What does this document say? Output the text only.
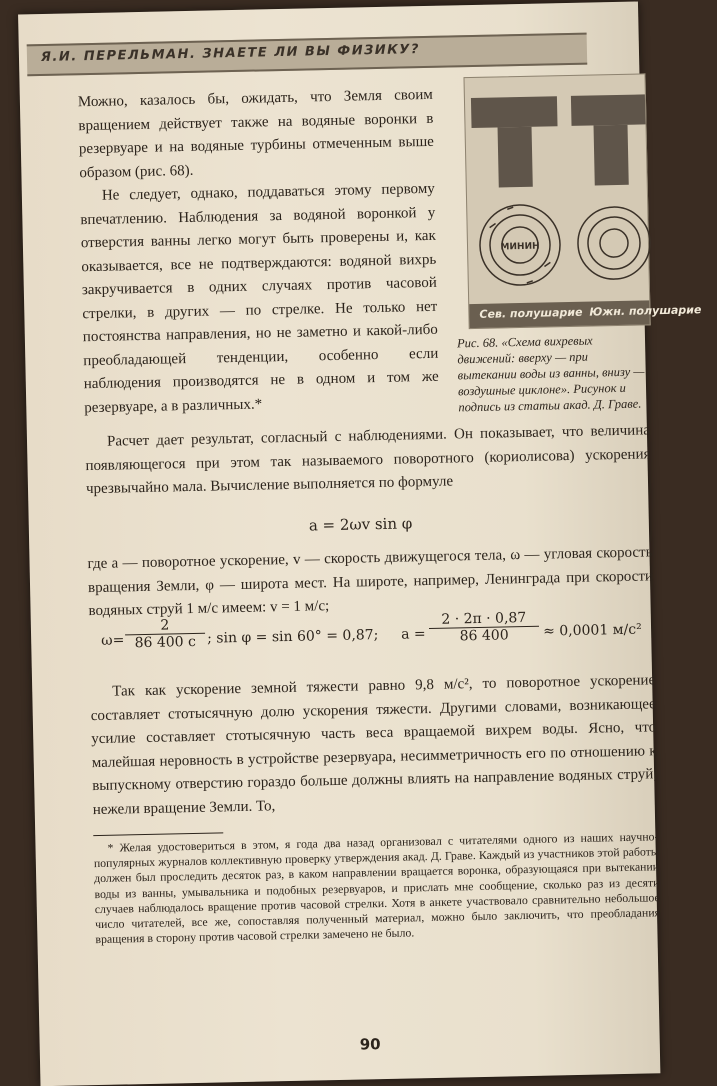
Я.И. ПЕРЕЛЬМАН. ЗНАЕТЕ ЛИ ВЫ ФИЗИКУ?

Можно, казалось бы, ожидать, что Земля своим вращением действует также на водяные воронки в резервуаре и на водяные турбины отмеченным выше образом (рис. 68).

Не следует, однако, поддаваться этому первому впечатлению. Наблюдения за водяной воронкой у отверстия ванны легко могут быть проверены и, как оказывается, все не подтверждаются: водяной вихрь закручивается в одних случаях против часовой стрелки, в других — по стрелке. Не только нет постоянства направления, но не заметно и какой-либо преобладающей тенденции, особенно если наблюдения производятся не в одном и том же резервуаре, а в различных.*

МИНИН
Сев. полушарие Южн. полушарие
Рис. 68. «Схема вихревых движений: вверху — при вытекании воды из ванны, внизу — воздушные циклоне». Рисунок и подпись из статьи акад. Д. Граве.

Расчет дает результат, согласный с наблюдениями. Он показывает, что величина появляющегося при этом так называемого поворотного (кориолисова) ускорения чрезвычайно мала. Вычисление выполняется по формуле

a = 2ωv sin φ

где a — поворотное ускорение, v — скорость движущегося тела, ω — угловая скорость вращения Земли, φ — широта мест. На широте, например, Ленинграда при скорости водяных струй 1 м/с имеем: v = 1 м/с;

$\omega= \frac{2}{86 400 c}$ ; sin φ = sin 60° = 0,87; $a = \frac{2 \cdot 2\pi \cdot 0,87}{86 400} \approx 0,0001$ м/с²

Так как ускорение земной тяжести равно 9,8 м/с², то поворотное ускорение составляет стотысячную долю ускорения тяжести. Другими словами, возникающее усилие составляет стотысячную часть веса вращаемой вихрем воды. Ясно, что малейшая неровность в устройстве резервуара, несимметричность его по отношению к выпускному отверстию гораздо больше должны влиять на направление водяных струй, нежели вращение Земли. То,

* Желая удостовериться в этом, я года два назад организовал с читателями одного из наших научно-популярных журналов коллективную проверку утверждения акад. Д. Граве. Каждый из участников этой работы должен был проследить десяток раз, в каком направлении вращается воронка, образующаяся при вытекании воды из ванны, умывальника и подобных резервуаров, и прислать мне сообщение, сколько раз из десяти случаев наблюдалось вращение против часовой стрелки. Хотя в анкете участвовало сравнительно небольшое число читателей, все же, сопоставляя полученный материал, можно было заключить, что преобладания вращения в сторону против часовой стрелки замечено не было.

90
